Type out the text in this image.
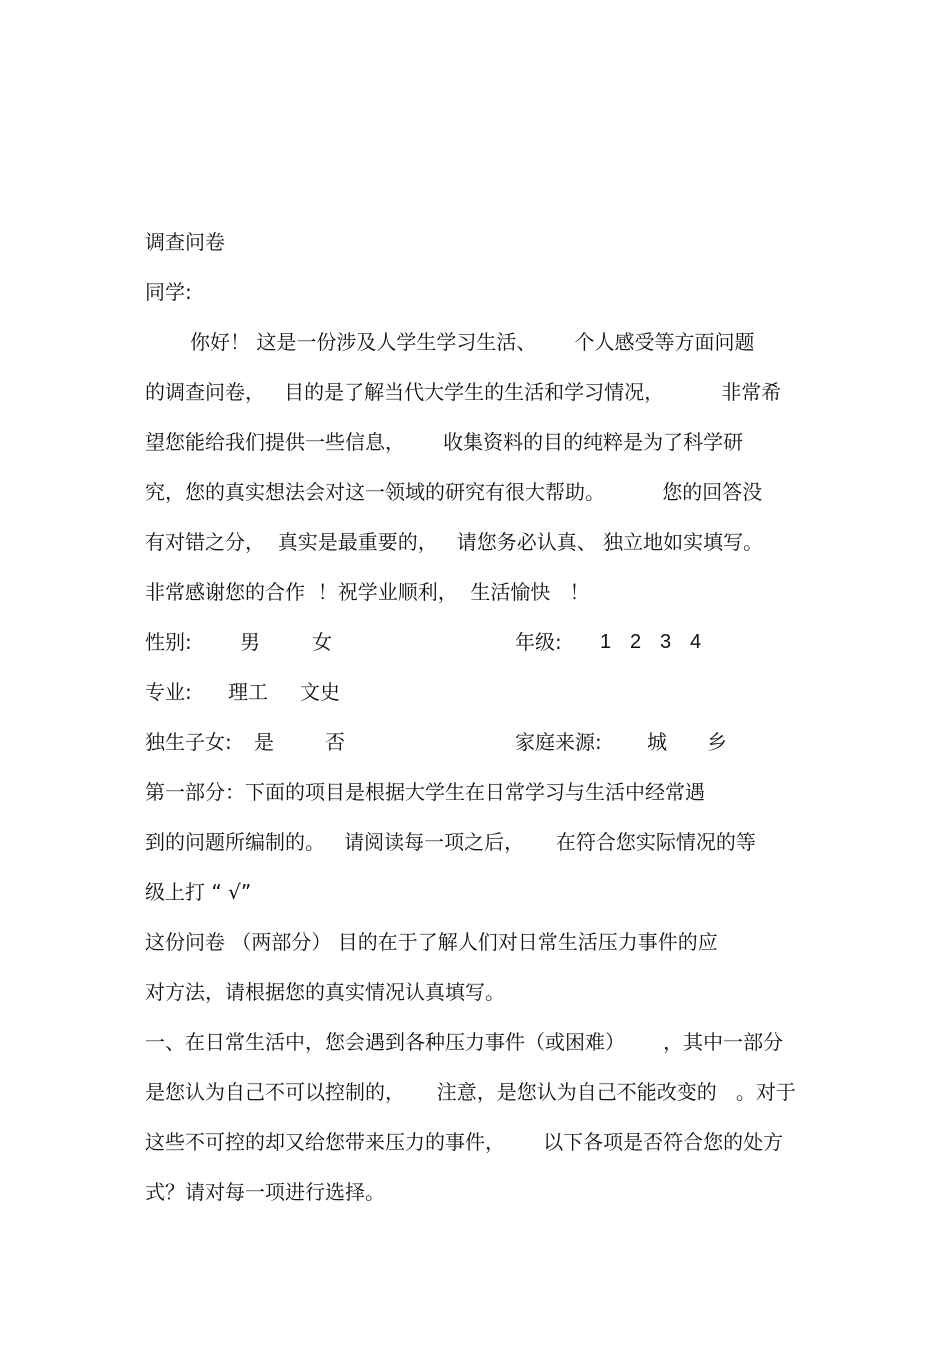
调查问卷
同学:
你好！ 这是一份涉及人学生学习生活、      个人感受等方面问题
的调查问卷，   目的是了解当代大学生的生活和学习情况，         非常希
望您能给我们提供一些信息，      收集资料的目的纯粹是为了科学研
究，您的真实想法会对这一领域的研究有很大帮助。         您的回答没
有对错之分，  真实是最重要的，   请您务必认真、 独立地如实填写。
非常感谢您的合作  ！祝学业顺利，  生活愉快   ！
性别: 男	女	年级: 1 2 3 4
专业: 理工 文史
独生子女: 是	否	家庭来源: 城 乡
第一部分：下面的项目是根据大学生在日常学习与生活中经常遇
到的问题所编制的。   请阅读每一项之后，     在符合您实际情况的等
级上打 “ √”
这份问卷 （两部分） 目的在于了解人们对日常生活压力事件的应
对方法，请根据您的真实情况认真填写。
一、在日常生活中，您会遇到各种压力事件（或困难）      ，其中一部分
是您认为自己不可以控制的，     注意，是您认为自己不能改变的   。对于
这些不可控的却又给您带来压力的事件，      以下各项是否符合您的处方
式？请对每一项进行选择。
